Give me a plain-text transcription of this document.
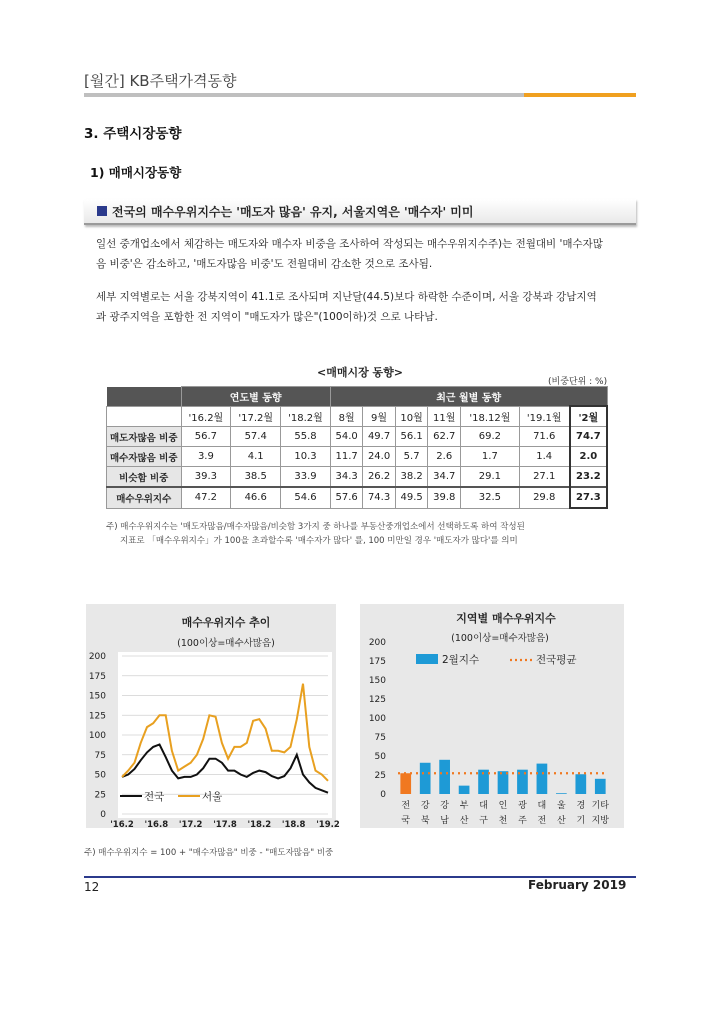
[월간] KB주택가격동향
3. 주택시장동향
1) 매매시장동향
전국의 매수우위지수는 '매도자 많음' 유지, 서울지역은 '매수자' 미미
일선 중개업소에서 체감하는 매도자와 매수자 비중을 조사하여 작성되는 매수우위지수주)는 전월대비 '매수자많
음 비중'은 감소하고, '매도자많음 비중'도 전월대비 감소한 것으로 조사됨.
세부 지역별로는 서울 강북지역이 41.1로 조사되며 지난달(44.5)보다 하락한 수준이며, 서울 강북과 강남지역
과 광주지역을 포함한 전 지역이 "매도자가 많은"(100이하)것 으로 나타남.
<매매시장 동향>
(비중단위 : %)
	연도별 동향			최근 월별 동향						
	'16.2월	'17.2월	'18.2월	8월	9월	10월	11월	'18.12월	'19.1월	'2월
매도자많음 비중	56.7	57.4	55.8	54.0	49.7	56.1	62.7	69.2	71.6	74.7
매수자많음 비중	3.9	4.1	10.3	11.7	24.0	5.7	2.6	1.7	1.4	2.0
비슷함 비중	39.3	38.5	33.9	34.3	26.2	38.2	34.7	29.1	27.1	23.2
매수우위지수	47.2	46.6	54.6	57.6	74.3	49.5	39.8	32.5	29.8	27.3
주) 매수우위지수는 '매도자많음/매수자많음/비슷함 3가지 중 하나를 부동산중개업소에서 선택하도록 하여 작성된
지표로 「매수우위지수」가 100을 초과할수록 '매수자가 많다' 를, 100 미만일 경우 '매도자가 많다'를 의미
매수우위지수 추이
(100이상=매수사많음)
0
25
50
75
100
125
150
175
200
'16.2 '16.8 '17.2 '17.8 '18.2 '18.8 '19.2
전국	서울
지역별 매수우위지수
(100이상=매수자많음)
0
25
50
75
100
125
150
175
200
전
국
강
북
강
남
부
산
대
구
인
천
광
주
대
전
울
산
경
기
기타
지방
2월지수	전국평균
주) 매수우위지수 = 100 + "매수자많음" 비중 - "매도자많음" 비중
12	February 2019
